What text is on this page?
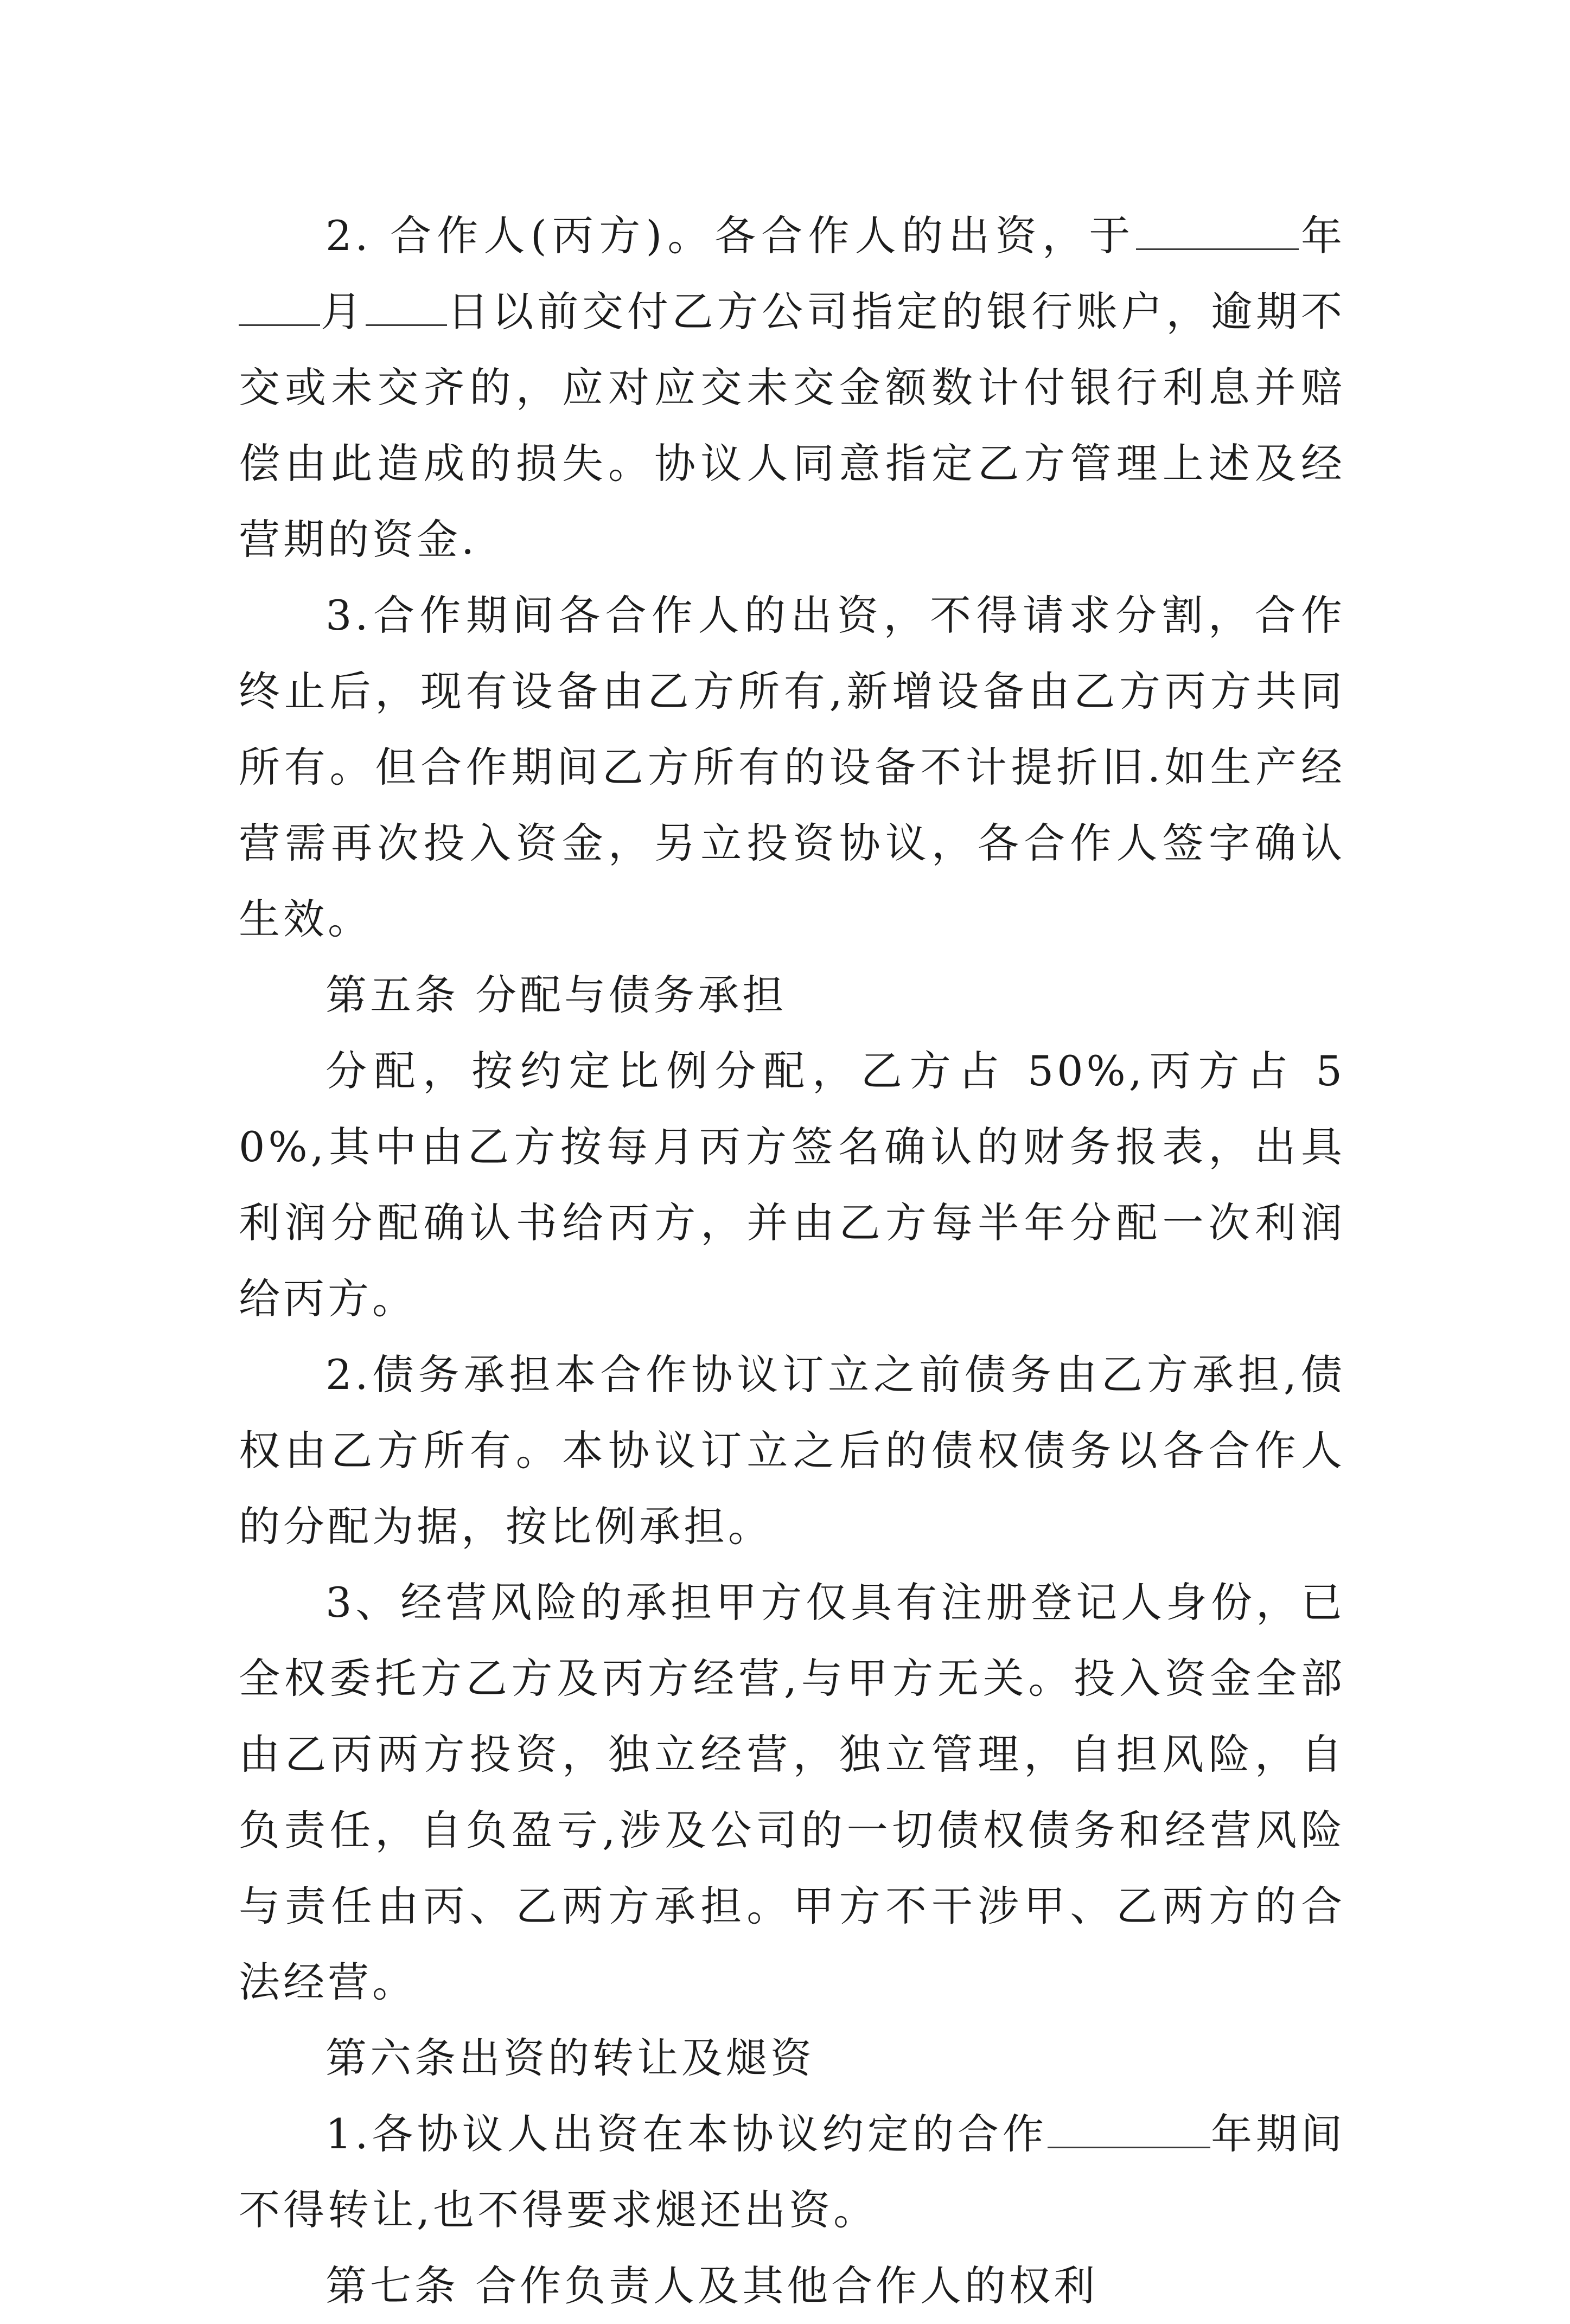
2. 合作人(丙方)。各合作人的出资，于	年月 日以前交付乙方公司指定的银行账户，逾期不交或未交齐的，应对应交未交金额数计付银行利息并赔偿由此造成的损失。协议人同意指定乙方管理上述及经营期的资金.

3.合作期间各合作人的出资，不得请求分割，合作终止后，现有设备由乙方所有,新增设备由乙方丙方共同所有。但合作期间乙方所有的设备不计提折旧.如生产经营需再次投入资金，另立投资协议，各合作人签字确认生效。

第五条 分配与债务承担

分配，按约定比例分配，乙方占 50%,丙方占 50%,其中由乙方按每月丙方签名确认的财务报表，出具利润分配确认书给丙方，并由乙方每半年分配一次利润给丙方。

2.债务承担本合作协议订立之前债务由乙方承担,债权由乙方所有。本协议订立之后的债权债务以各合作人的分配为据，按比例承担。

3、经营风险的承担甲方仅具有注册登记人身份，已全权委托方乙方及丙方经营,与甲方无关。投入资金全部由乙丙两方投资，独立经营，独立管理，自担风险，自负责任，自负盈亏,涉及公司的一切债权债务和经营风险与责任由丙、乙两方承担。甲方不干涉甲、乙两方的合法经营。

第六条出资的转让及煺资

1.各协议人出资在本协议约定的合作	年期间不得转让,也不得要求煺还出资。

第七条 合作负责人及其他合作人的权利
